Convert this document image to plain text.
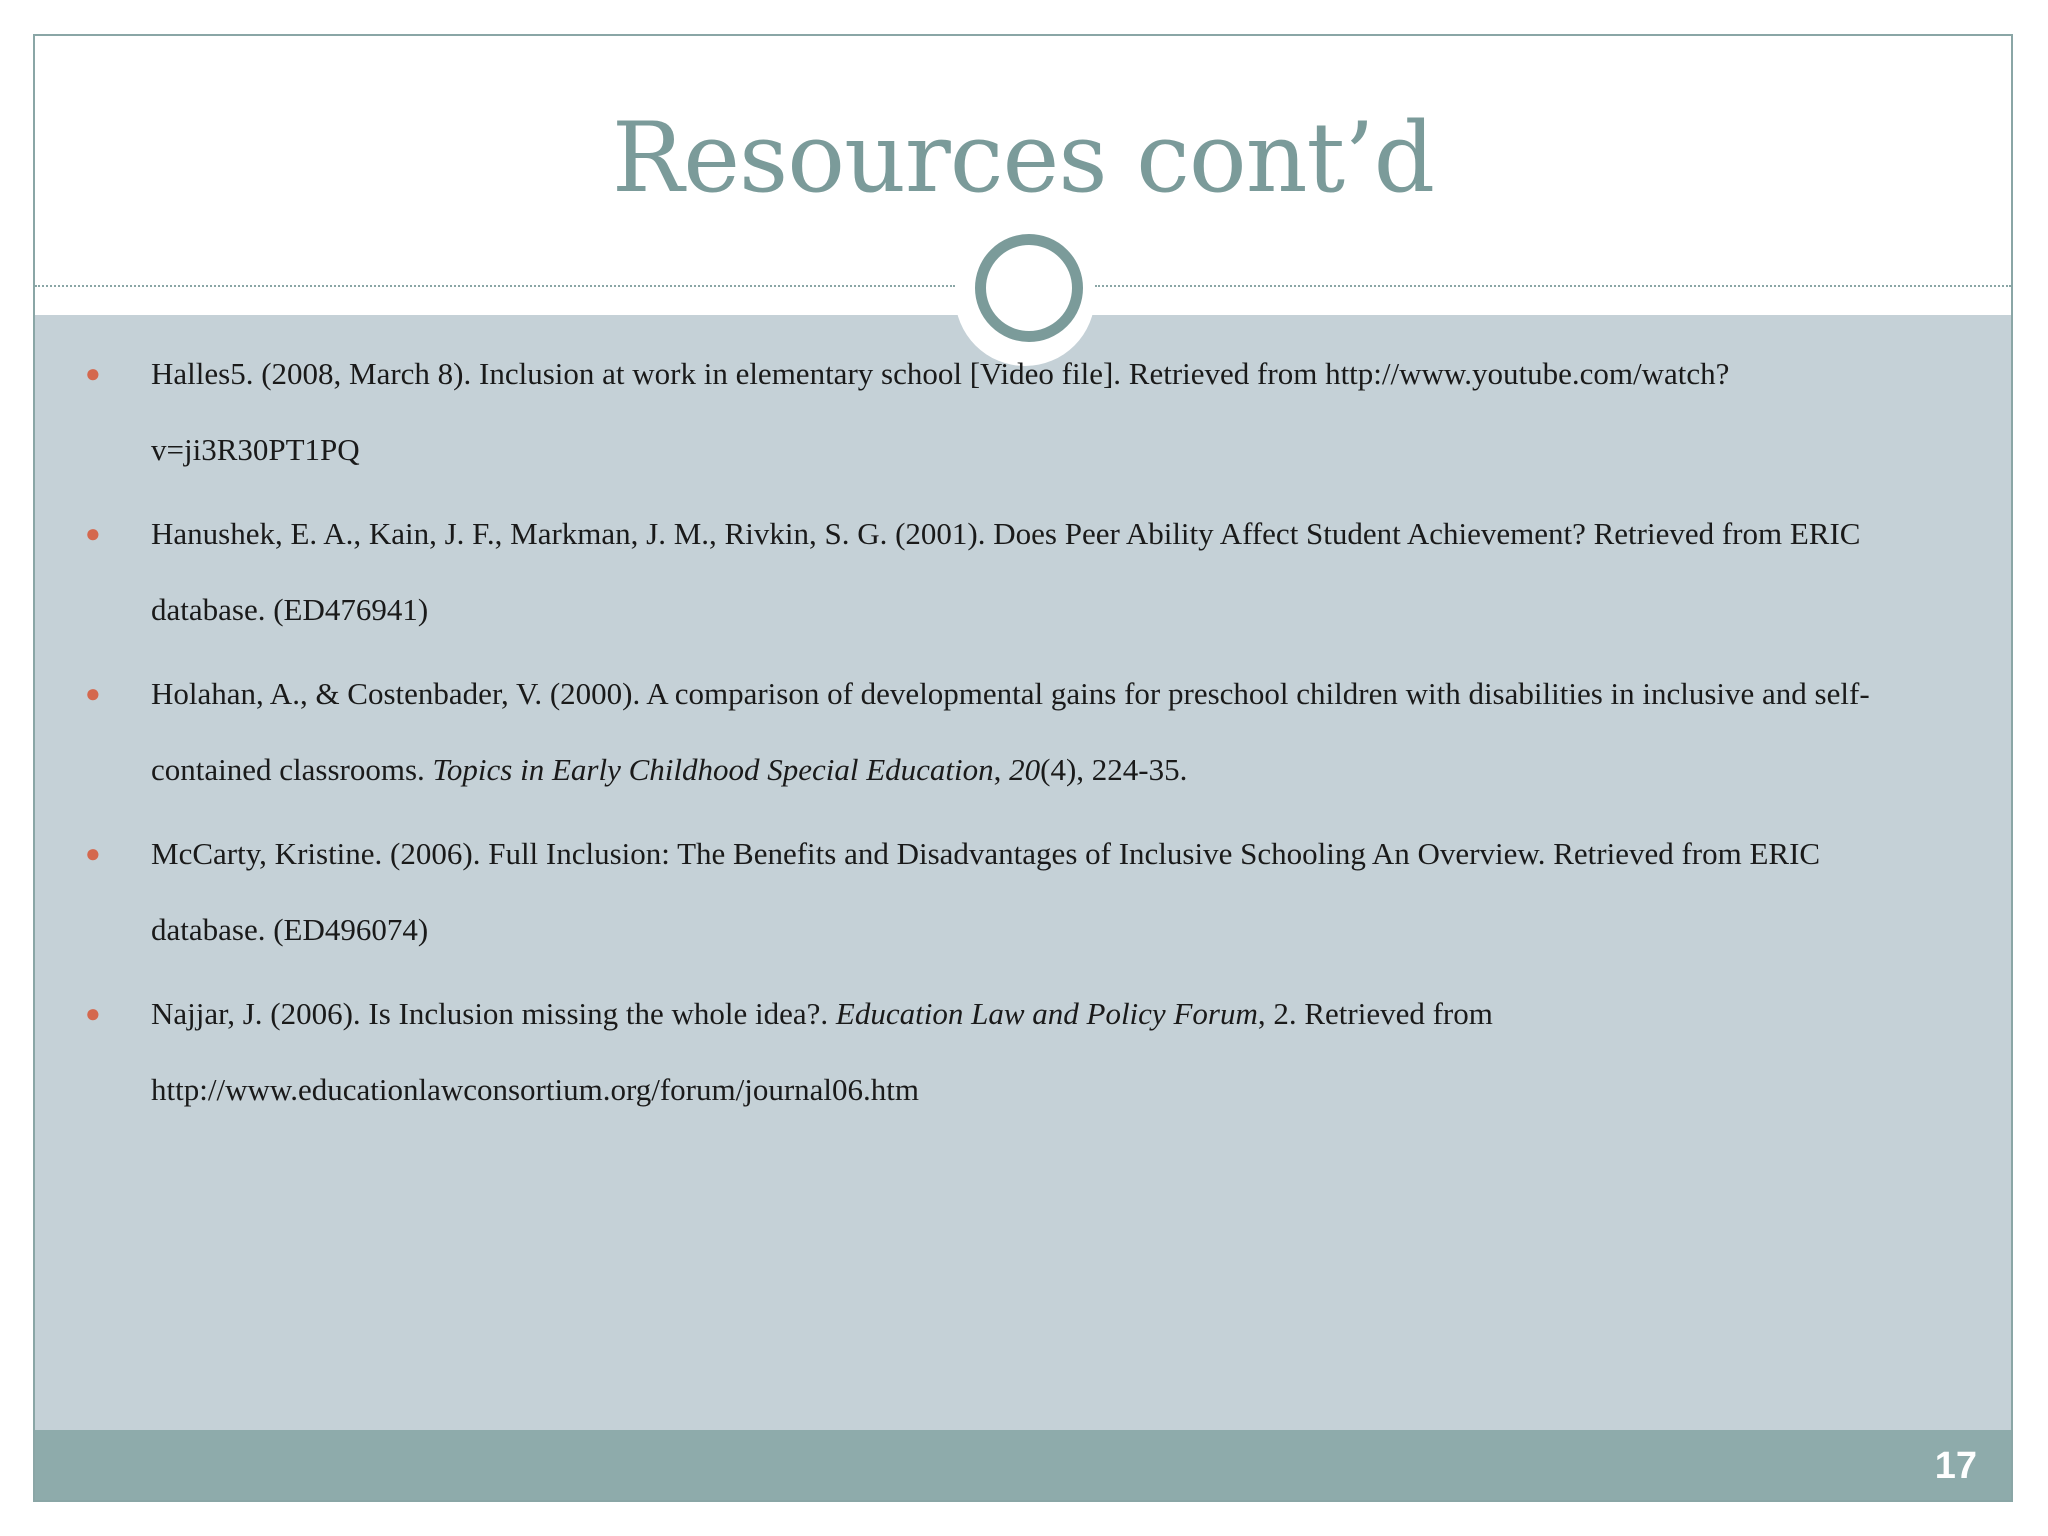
Resources cont’d
● Halles5. (2008, March 8). Inclusion at work in elementary school [Video file]. Retrieved from http://www.youtube.com/watch?v=ji3R30PT1PQ
● Hanushek, E. A., Kain, J. F., Markman, J. M., Rivkin, S. G. (2001). Does Peer Ability Affect Student Achievement? Retrieved from ERIC database. (ED476941)
● Holahan, A., & Costenbader, V. (2000). A comparison of developmental gains for preschool children with disabilities in inclusive and self-contained classrooms. Topics in Early Childhood Special Education, 20(4), 224-35.
● McCarty, Kristine. (2006). Full Inclusion: The Benefits and Disadvantages of Inclusive Schooling An Overview. Retrieved from ERIC database. (ED496074)
● Najjar, J. (2006). Is Inclusion missing the whole idea?. Education Law and Policy Forum, 2. Retrieved from http://www.educationlawconsortium.org/forum/journal06.htm
17
